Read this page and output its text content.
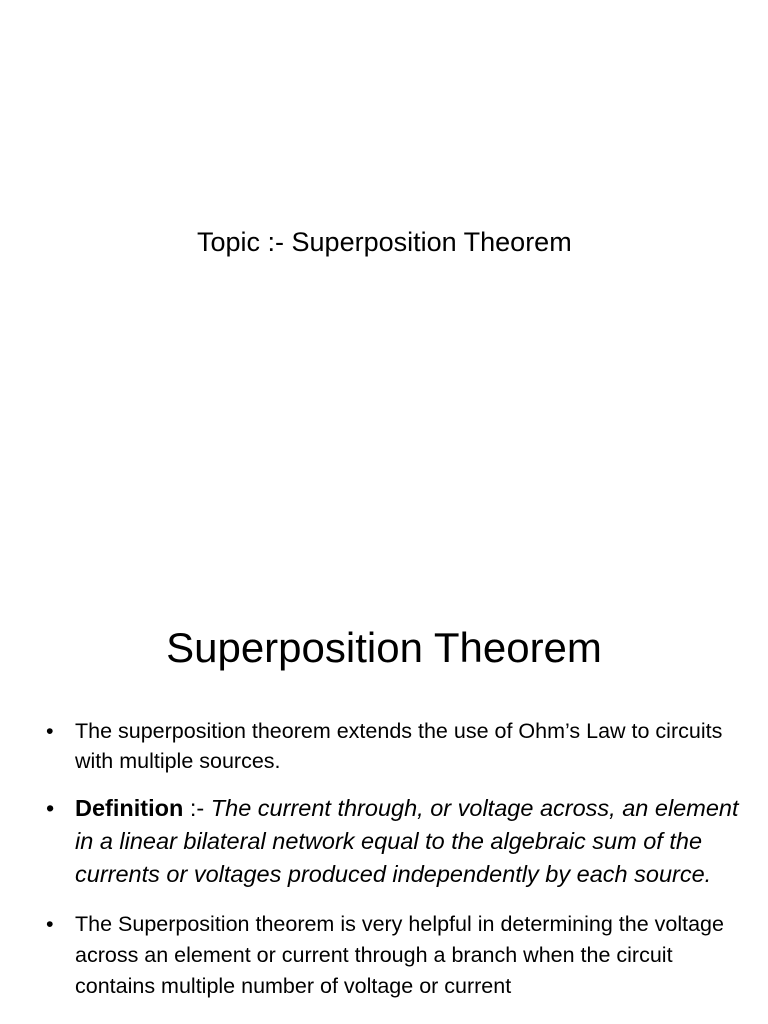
Topic :- Superposition Theorem
Superposition Theorem
• The superposition theorem extends the use of Ohm’s Law to circuits with multiple sources.
• Definition :- The current through, or voltage across, an element in a linear bilateral network equal to the algebraic sum of the currents or voltages produced independently by each source.
• The Superposition theorem is very helpful in determining the voltage across an element or current through a branch when the circuit contains multiple number of voltage or current
